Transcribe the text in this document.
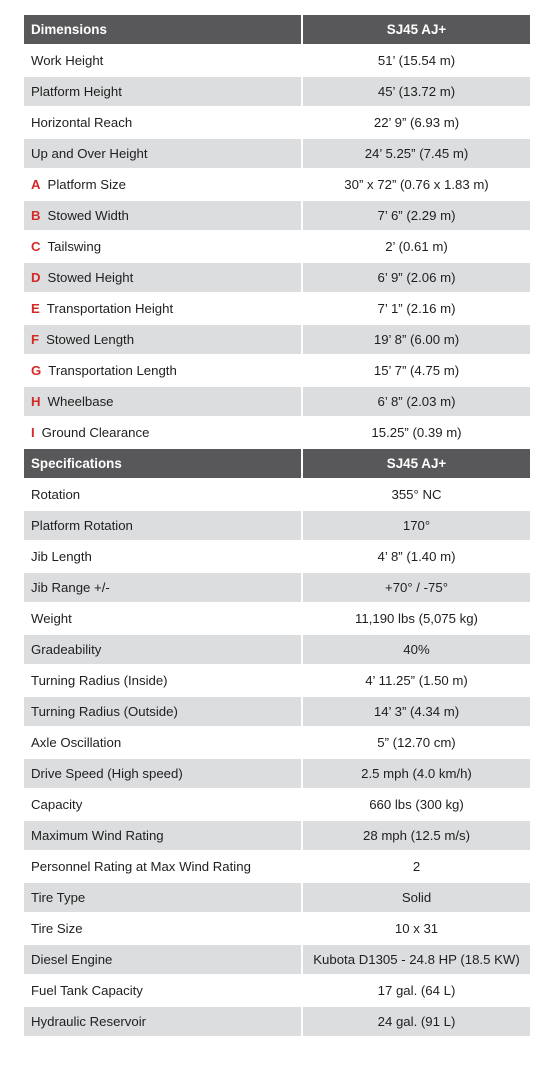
Dimensions	SJ45 AJ+
Work Height	51’ (15.54 m)
Platform Height	45’ (13.72 m)
Horizontal Reach	22’ 9” (6.93 m)
Up and Over Height	24’ 5.25” (7.45 m)
A Platform Size	30” x 72” (0.76 x 1.83 m)
B Stowed Width	7’ 6” (2.29 m)
C Tailswing	2’ (0.61 m)
D Stowed Height	6’ 9” (2.06 m)
E Transportation Height	7’ 1” (2.16 m)
F Stowed Length	19’ 8” (6.00 m)
G Transportation Length	15’ 7” (4.75 m)
H Wheelbase	6’ 8” (2.03 m)
I Ground Clearance	15.25” (0.39 m)
Specifications	SJ45 AJ+
Rotation	355° NC
Platform Rotation	170°
Jib Length	4’ 8” (1.40 m)
Jib Range +/-	+70° / -75°
Weight	11,190 lbs (5,075 kg)
Gradeability	40%
Turning Radius (Inside)	4’ 11.25” (1.50 m)
Turning Radius (Outside)	14’ 3” (4.34 m)
Axle Oscillation	5” (12.70 cm)
Drive Speed (High speed)	2.5 mph (4.0 km/h)
Capacity	660 lbs (300 kg)
Maximum Wind Rating	28 mph (12.5 m/s)
Personnel Rating at Max Wind Rating	2
Tire Type	Solid
Tire Size	10 x 31
Diesel Engine	Kubota D1305 - 24.8 HP (18.5 KW)
Fuel Tank Capacity	17 gal. (64 L)
Hydraulic Reservoir	24 gal. (91 L)
